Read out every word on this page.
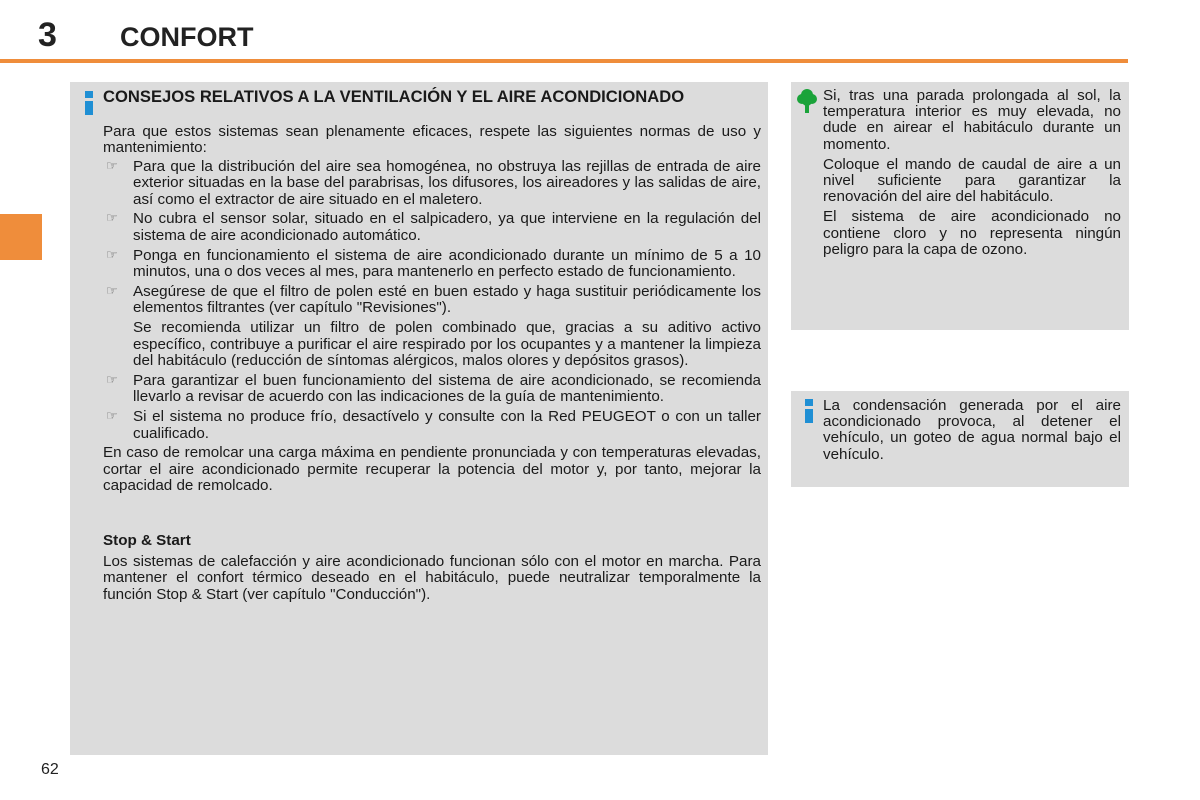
3 CONFORT
CONSEJOS RELATIVOS A LA VENTILACIÓN Y EL AIRE ACONDICIONADO

Para que estos sistemas sean plenamente eficaces, respete las siguientes normas de uso y mantenimiento:

☞ Para que la distribución del aire sea homogénea, no obstruya las rejillas de entrada de aire exterior situadas en la base del parabrisas, los difusores, los aireadores y las salidas de aire, así como el extractor de aire situado en el maletero.
☞ No cubra el sensor solar, situado en el salpicadero, ya que interviene en la regulación del sistema de aire acondicionado automático.
☞ Ponga en funcionamiento el sistema de aire acondicionado durante un mínimo de 5 a 10 minutos, una o dos veces al mes, para mantenerlo en perfecto estado de funcionamiento.
☞ Asegúrese de que el filtro de polen esté en buen estado y haga sustituir periódicamente los elementos filtrantes (ver capítulo "Revisiones").

Se recomienda utilizar un filtro de polen combinado que, gracias a su aditivo activo específico, contribuye a purificar el aire respirado por los ocupantes y a mantener la limpieza del habitáculo (reducción de síntomas alérgicos, malos olores y depósitos grasos).

☞ Para garantizar el buen funcionamiento del sistema de aire acondicionado, se recomienda llevarlo a revisar de acuerdo con las indicaciones de la guía de mantenimiento.
☞ Si el sistema no produce frío, desactívelo y consulte con la Red PEUGEOT o con un taller cualificado.

En caso de remolcar una carga máxima en pendiente pronunciada y con temperaturas elevadas, cortar el aire acondicionado permite recuperar la potencia del motor y, por tanto, mejorar la capacidad de remolcado.

Stop & Start

Los sistemas de calefacción y aire acondicionado funcionan sólo con el motor en marcha. Para mantener el confort térmico deseado en el habitáculo, puede neutralizar temporalmente la función Stop & Start (ver capítulo "Conducción").

Si, tras una parada prolongada al sol, la temperatura interior es muy elevada, no dude en airear el habitáculo durante un momento.

Coloque el mando de caudal de aire a un nivel suficiente para garantizar la renovación del aire del habitáculo.

El sistema de aire acondicionado no contiene cloro y no representa ningún peligro para la capa de ozono.

La condensación generada por el aire acondicionado provoca, al detener el vehículo, un goteo de agua normal bajo el vehículo.

62
